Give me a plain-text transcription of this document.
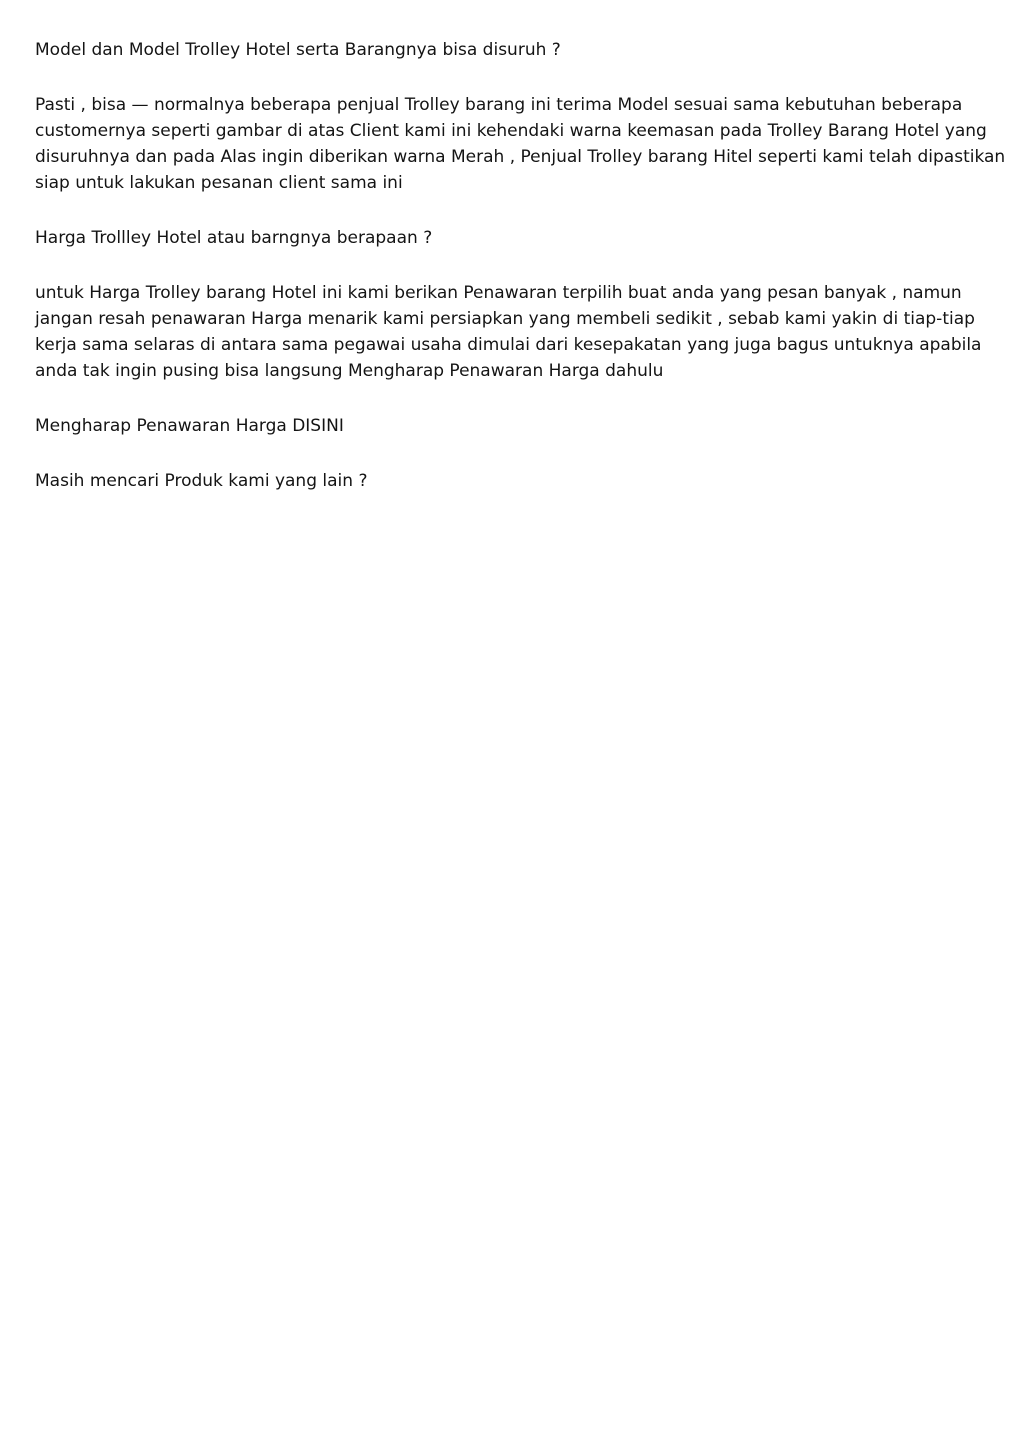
Model dan Model Trolley Hotel serta Barangnya bisa disuruh ?

Pasti , bisa — normalnya beberapa penjual Trolley barang ini terima Model sesuai sama kebutuhan beberapa
customernya seperti gambar di atas Client kami ini kehendaki warna keemasan pada Trolley Barang Hotel yang
disuruhnya dan pada Alas ingin diberikan warna Merah , Penjual Trolley barang Hitel seperti kami telah dipastikan
siap untuk lakukan pesanan client sama ini

Harga Trollley Hotel atau barngnya berapaan ?

untuk Harga Trolley barang Hotel ini kami berikan Penawaran terpilih buat anda yang pesan banyak , namun
jangan resah penawaran Harga menarik kami persiapkan yang membeli sedikit , sebab kami yakin di tiap-tiap
kerja sama selaras di antara sama pegawai usaha dimulai dari kesepakatan yang juga bagus untuknya apabila
anda tak ingin pusing bisa langsung Mengharap Penawaran Harga dahulu

Mengharap Penawaran Harga DISINI

Masih mencari Produk kami yang lain ?
